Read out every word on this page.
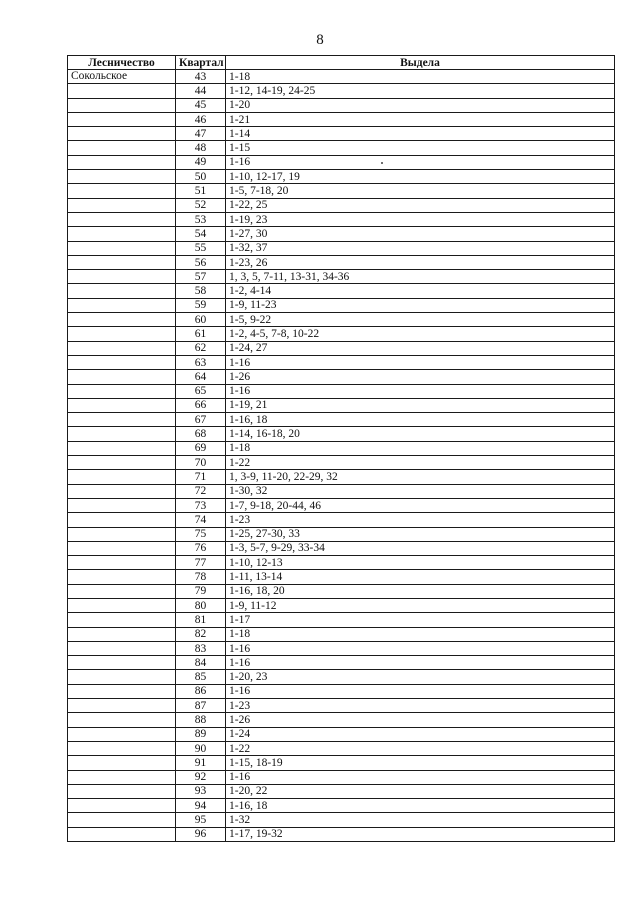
8
Лесничество	Квартал	Выдела
Сокольское	43	1-18
	44	1-12, 14-19, 24-25
	45	1-20
	46	1-21
	47	1-14
	48	1-15
	49	1-16
	50	1-10, 12-17, 19
	51	1-5, 7-18, 20
	52	1-22, 25
	53	1-19, 23
	54	1-27, 30
	55	1-32, 37
	56	1-23, 26
	57	1, 3, 5, 7-11, 13-31, 34-36
	58	1-2, 4-14
	59	1-9, 11-23
	60	1-5, 9-22
	61	1-2, 4-5, 7-8, 10-22
	62	1-24, 27
	63	1-16
	64	1-26
	65	1-16
	66	1-19, 21
	67	1-16, 18
	68	1-14, 16-18, 20
	69	1-18
	70	1-22
	71	1, 3-9, 11-20, 22-29, 32
	72	1-30, 32
	73	1-7, 9-18, 20-44, 46
	74	1-23
	75	1-25, 27-30, 33
	76	1-3, 5-7, 9-29, 33-34
	77	1-10, 12-13
	78	1-11, 13-14
	79	1-16, 18, 20
	80	1-9, 11-12
	81	1-17
	82	1-18
	83	1-16
	84	1-16
	85	1-20, 23
	86	1-16
	87	1-23
	88	1-26
	89	1-24
	90	1-22
	91	1-15, 18-19
	92	1-16
	93	1-20, 22
	94	1-16, 18
	95	1-32
	96	1-17, 19-32
